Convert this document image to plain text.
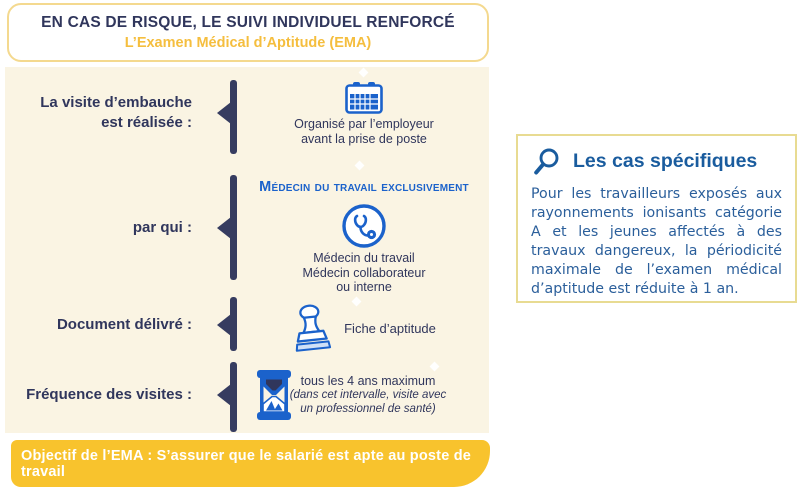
EN CAS DE RISQUE, LE SUIVI INDIVIDUEL RENFORCÉ
L’Examen Médical d’Aptitude (EMA)
La visite d’embauche
est réalisée :	Organisé par l’employeur
avant la prise de poste
par qui :
Médecin du travail exclusivement
Médecin du travail
Médecin collaborateur
ou interne
Document délivré :	Fiche d’aptitude
Fréquence des visites :
tous les 4 ans maximum
(dans cet intervalle, visite avec
un professionnel de santé)
Objectif de l’EMA : S’assurer que le salarié est apte au poste de travail
Les cas spécifiques

Pour les travailleurs exposés aux rayonnements ionisants catégorie A et les jeunes affectés à des travaux dangereux, la périodicité maximale de l’examen médical d’aptitude est réduite à 1 an.
